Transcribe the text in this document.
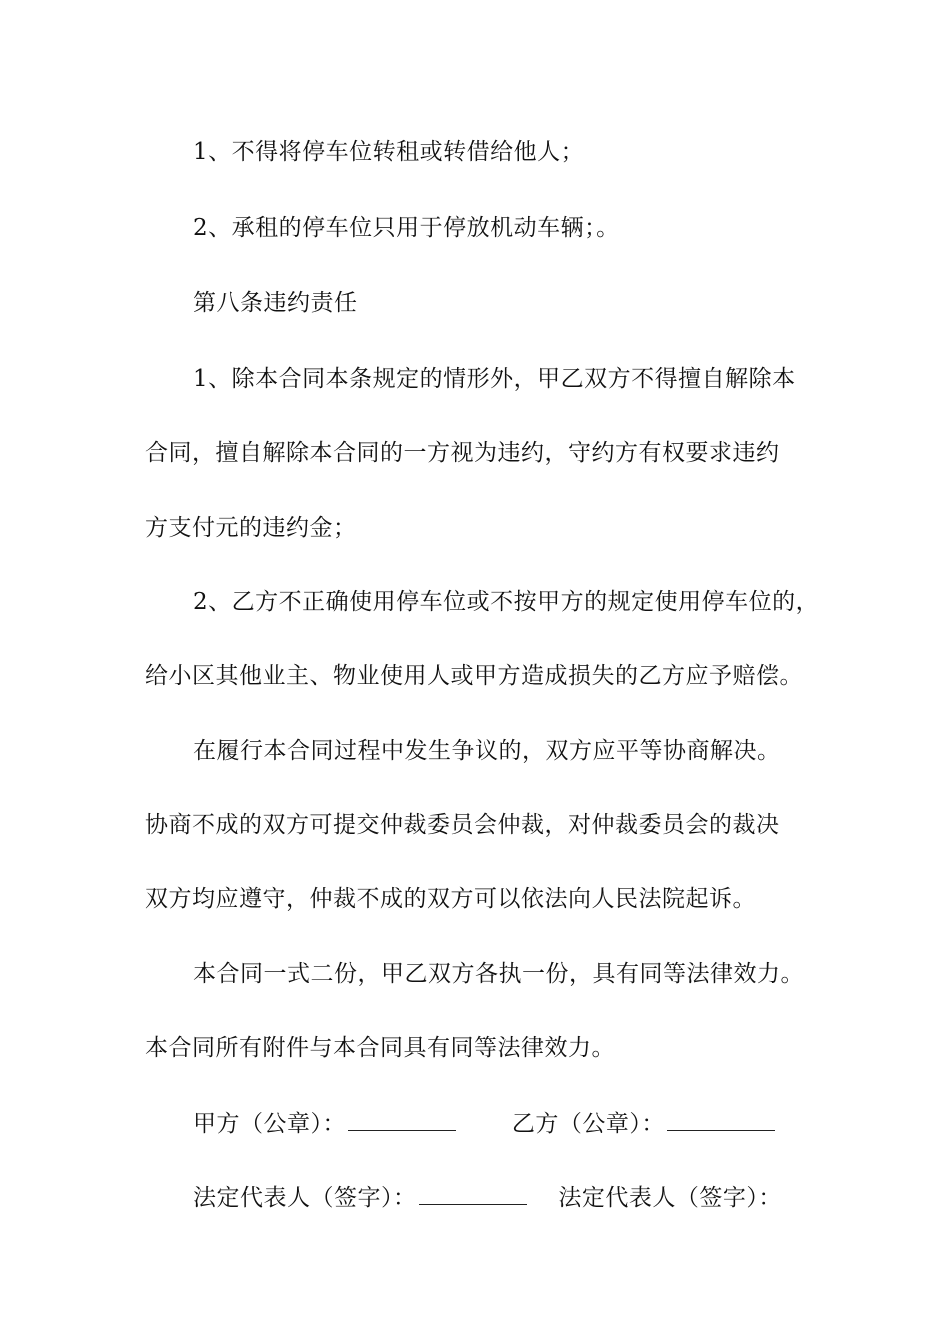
1、不得将停车位转租或转借给他人；
2、承租的停车位只用于停放机动车辆；。
第八条违约责任
1、除本合同本条规定的情形外，甲乙双方不得擅自解除本
合同，擅自解除本合同的一方视为违约，守约方有权要求违约
方支付元的违约金；
2、乙方不正确使用停车位或不按甲方的规定使用停车位的，
给小区其他业主、物业使用人或甲方造成损失的乙方应予赔偿。
在履行本合同过程中发生争议的，双方应平等协商解决。
协商不成的双方可提交仲裁委员会仲裁，对仲裁委员会的裁决
双方均应遵守，仲裁不成的双方可以依法向人民法院起诉。
本合同一式二份，甲乙双方各执一份，具有同等法律效力。
本合同所有附件与本合同具有同等法律效力。
甲方（公章）：	乙方（公章）：
法定代表人（签字）：	法定代表人（签字）：
